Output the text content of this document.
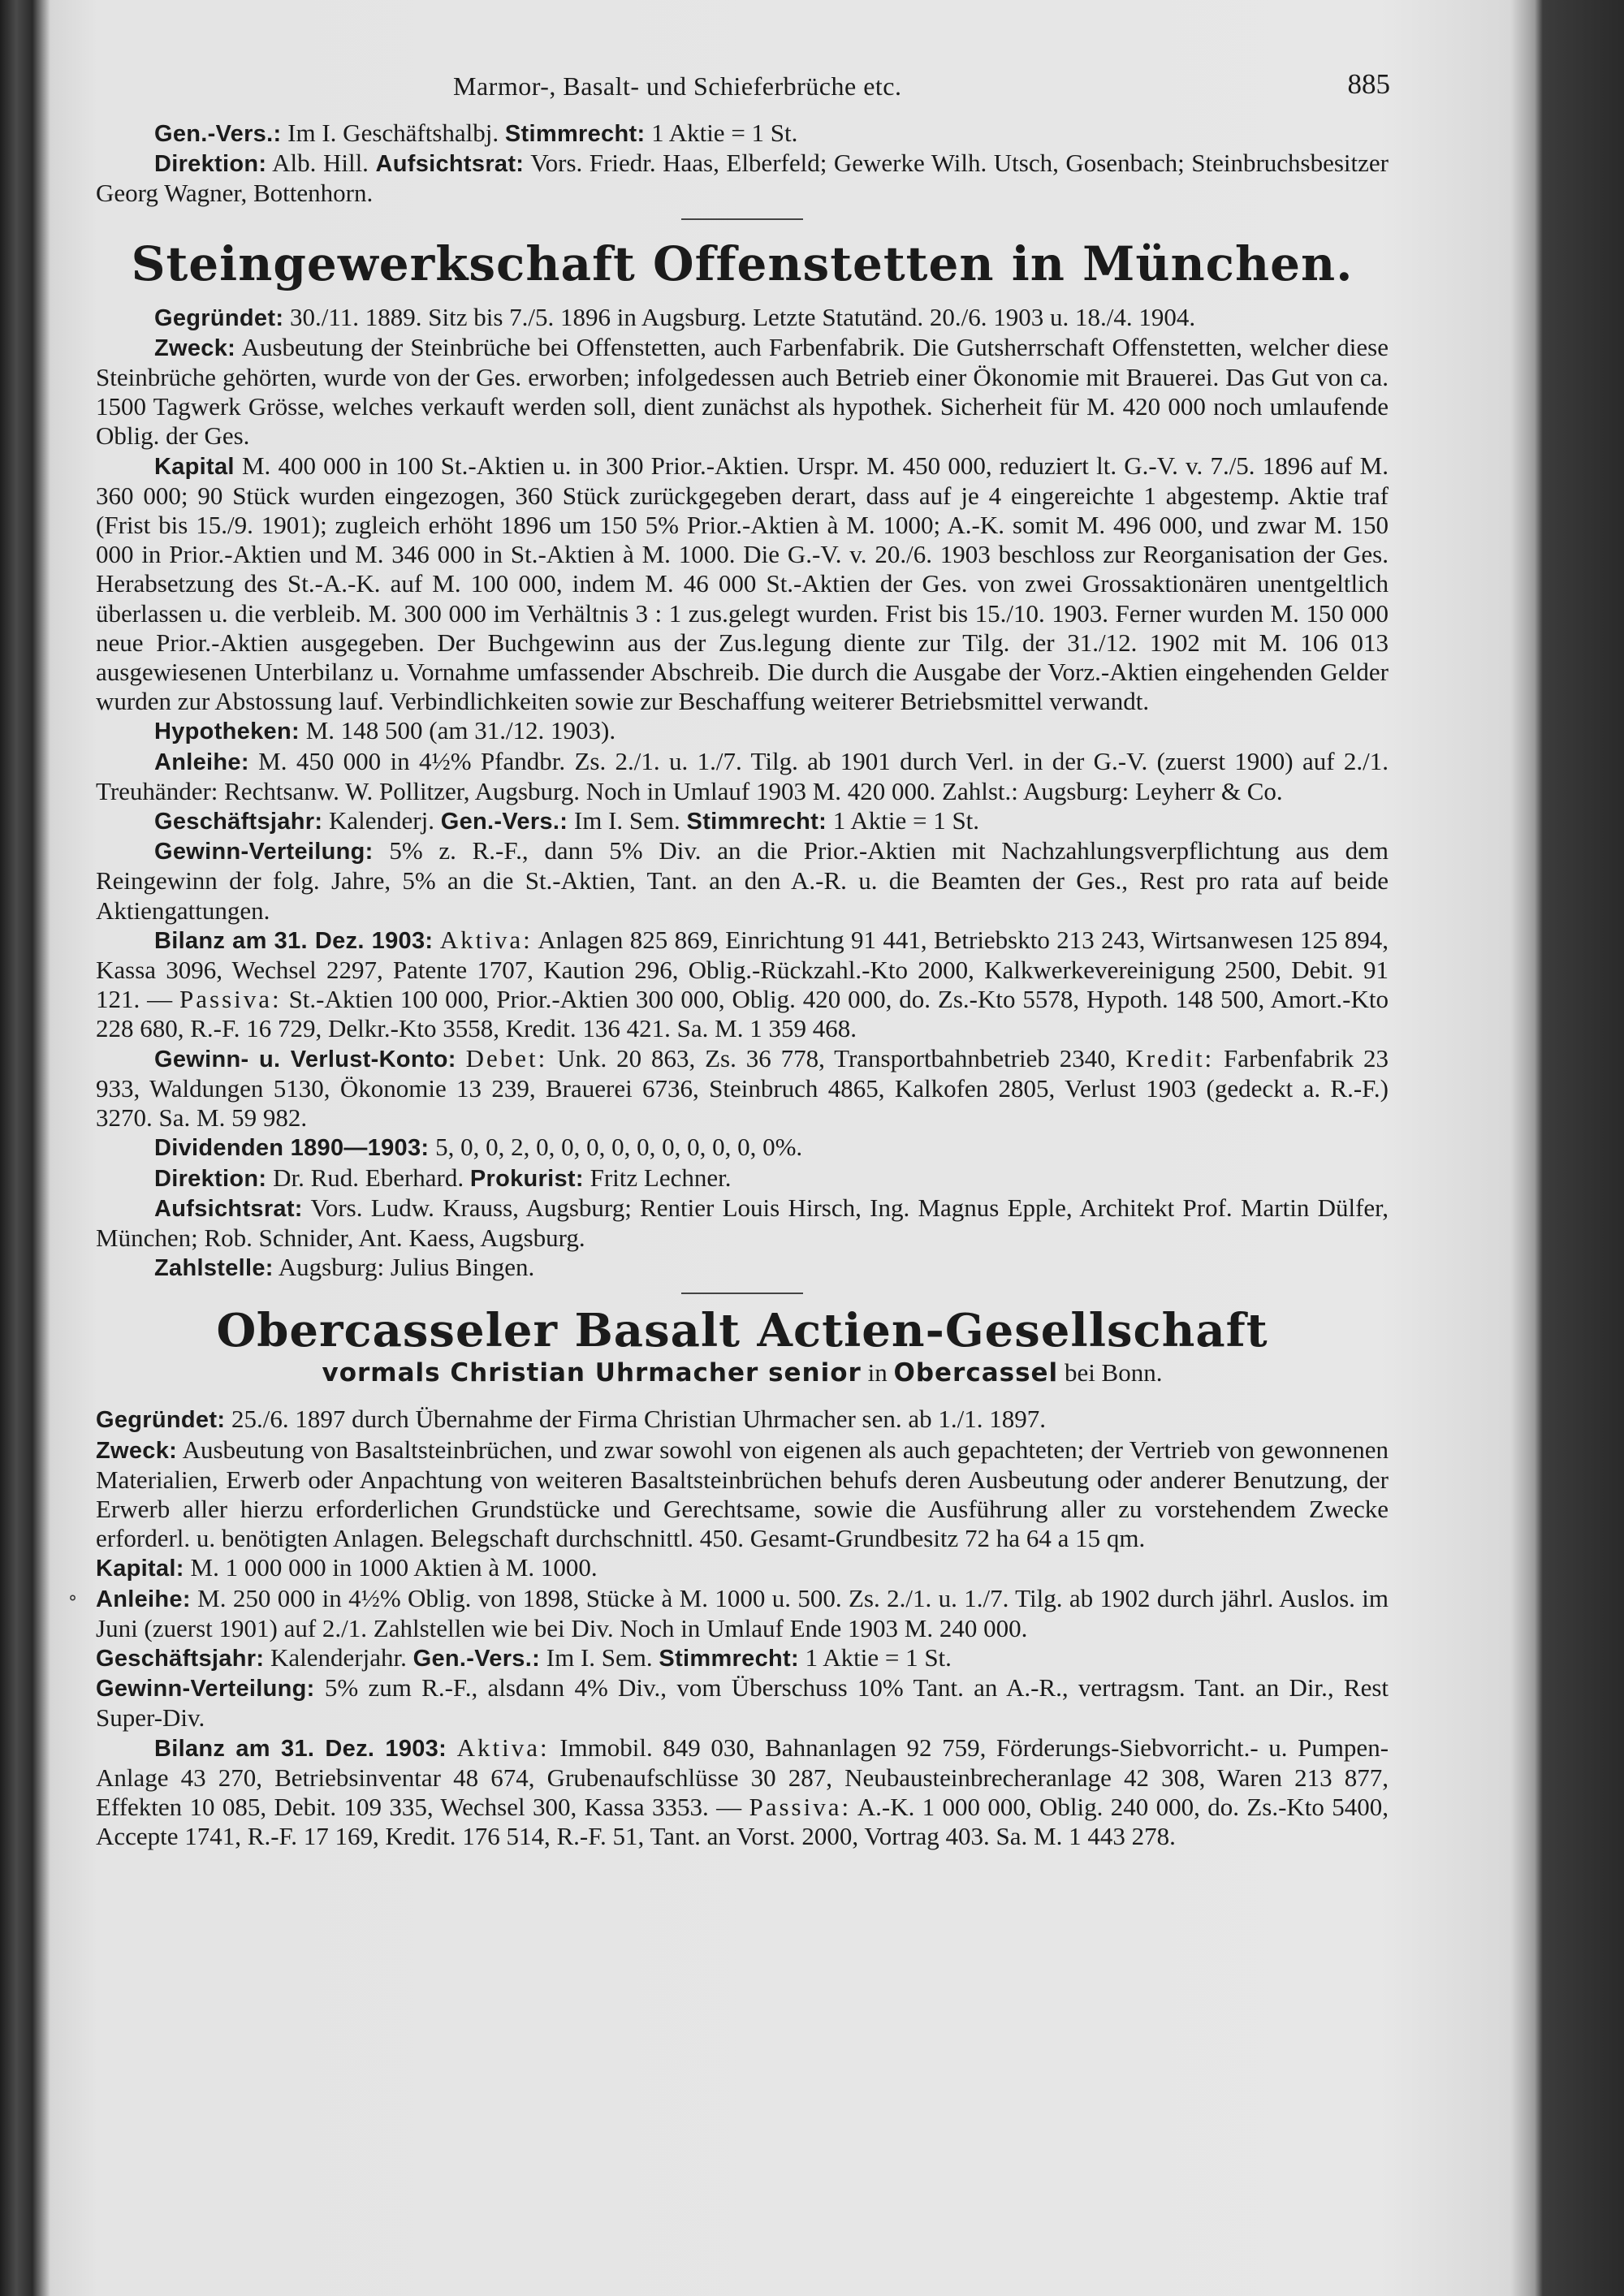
Marmor-, Basalt- und Schieferbrüche etc.	885

Gen.-Vers.: Im I. Geschäftshalbj. Stimmrecht: 1 Aktie = 1 St.

Direktion: Alb. Hill. Aufsichtsrat: Vors. Friedr. Haas, Elberfeld; Gewerke Wilh. Utsch, Gosenbach; Steinbruchsbesitzer Georg Wagner, Bottenhorn.

Steingewerkschaft Offenstetten in München.

Gegründet: 30./11. 1889. Sitz bis 7./5. 1896 in Augsburg. Letzte Statutänd. 20./6. 1903 u. 18./4. 1904.

Zweck: Ausbeutung der Steinbrüche bei Offenstetten, auch Farbenfabrik. Die Gutsherrschaft Offenstetten, welcher diese Steinbrüche gehörten, wurde von der Ges. erworben; infolgedessen auch Betrieb einer Ökonomie mit Brauerei. Das Gut von ca. 1500 Tagwerk Grösse, welches verkauft werden soll, dient zunächst als hypothek. Sicherheit für M. 420 000 noch umlaufende Oblig. der Ges.

Kapital M. 400 000 in 100 St.-Aktien u. in 300 Prior.-Aktien. Urspr. M. 450 000, reduziert lt. G.-V. v. 7./5. 1896 auf M. 360 000; 90 Stück wurden eingezogen, 360 Stück zurückgegeben derart, dass auf je 4 eingereichte 1 abgestemp. Aktie traf (Frist bis 15./9. 1901); zugleich erhöht 1896 um 150 5% Prior.-Aktien à M. 1000; A.-K. somit M. 496 000, und zwar M. 150 000 in Prior.-Aktien und M. 346 000 in St.-Aktien à M. 1000. Die G.-V. v. 20./6. 1903 beschloss zur Reorganisation der Ges. Herabsetzung des St.-A.-K. auf M. 100 000, indem M. 46 000 St.-Aktien der Ges. von zwei Grossaktionären unentgeltlich überlassen u. die verbleib. M. 300 000 im Verhältnis 3 : 1 zus.gelegt wurden. Frist bis 15./10. 1903. Ferner wurden M. 150 000 neue Prior.-Aktien ausgegeben. Der Buchgewinn aus der Zus.legung diente zur Tilg. der 31./12. 1902 mit M. 106 013 ausgewiesenen Unterbilanz u. Vornahme umfassender Abschreib. Die durch die Ausgabe der Vorz.-Aktien eingehenden Gelder wurden zur Abstossung lauf. Verbindlichkeiten sowie zur Beschaffung weiterer Betriebsmittel verwandt.

Hypotheken: M. 148 500 (am 31./12. 1903).

Anleihe: M. 450 000 in 4½% Pfandbr. Zs. 2./1. u. 1./7. Tilg. ab 1901 durch Verl. in der G.-V. (zuerst 1900) auf 2./1. Treuhänder: Rechtsanw. W. Pollitzer, Augsburg. Noch in Umlauf 1903 M. 420 000. Zahlst.: Augsburg: Leyherr & Co.

Geschäftsjahr: Kalenderj. Gen.-Vers.: Im I. Sem. Stimmrecht: 1 Aktie = 1 St.

Gewinn-Verteilung: 5% z. R.-F., dann 5% Div. an die Prior.-Aktien mit Nachzahlungsverpflichtung aus dem Reingewinn der folg. Jahre, 5% an die St.-Aktien, Tant. an den A.-R. u. die Beamten der Ges., Rest pro rata auf beide Aktiengattungen.

Bilanz am 31. Dez. 1903: Aktiva: Anlagen 825 869, Einrichtung 91 441, Betriebskto 213 243, Wirtsanwesen 125 894, Kassa 3096, Wechsel 2297, Patente 1707, Kaution 296, Oblig.-Rückzahl.-Kto 2000, Kalkwerkevereinigung 2500, Debit. 91 121. — Passiva: St.-Aktien 100 000, Prior.-Aktien 300 000, Oblig. 420 000, do. Zs.-Kto 5578, Hypoth. 148 500, Amort.-Kto 228 680, R.-F. 16 729, Delkr.-Kto 3558, Kredit. 136 421. Sa. M. 1 359 468.

Gewinn- u. Verlust-Konto: Debet: Unk. 20 863, Zs. 36 778, Transportbahnbetrieb 2340, Kredit: Farbenfabrik 23 933, Waldungen 5130, Ökonomie 13 239, Brauerei 6736, Steinbruch 4865, Kalkofen 2805, Verlust 1903 (gedeckt a. R.-F.) 3270. Sa. M. 59 982.

Dividenden 1890—1903: 5, 0, 0, 2, 0, 0, 0, 0, 0, 0, 0, 0, 0, 0%.

Direktion: Dr. Rud. Eberhard. Prokurist: Fritz Lechner.

Aufsichtsrat: Vors. Ludw. Krauss, Augsburg; Rentier Louis Hirsch, Ing. Magnus Epple, Architekt Prof. Martin Dülfer, München; Rob. Schnider, Ant. Kaess, Augsburg.

Zahlstelle: Augsburg: Julius Bingen.

Obercasseler Basalt Actien-Gesellschaft
vormals Christian Uhrmacher senior in Obercassel bei Bonn.

Gegründet: 25./6. 1897 durch Übernahme der Firma Christian Uhrmacher sen. ab 1./1. 1897.

Zweck: Ausbeutung von Basaltsteinbrüchen, und zwar sowohl von eigenen als auch gepachteten; der Vertrieb von gewonnenen Materialien, Erwerb oder Anpachtung von weiteren Basaltsteinbrüchen behufs deren Ausbeutung oder anderer Benutzung, der Erwerb aller hierzu erforderlichen Grundstücke und Gerechtsame, sowie die Ausführung aller zu vorstehendem Zwecke erforderl. u. benötigten Anlagen. Belegschaft durchschnittl. 450. Gesamt-Grundbesitz 72 ha 64 a 15 qm.

Kapital: M. 1 000 000 in 1000 Aktien à M. 1000.

Anleihe: M. 250 000 in 4½% Oblig. von 1898, Stücke à M. 1000 u. 500. Zs. 2./1. u. 1./7. Tilg. ab 1902 durch jährl. Auslos. im Juni (zuerst 1901) auf 2./1. Zahlstellen wie bei Div. Noch in Umlauf Ende 1903 M. 240 000.

Geschäftsjahr: Kalenderjahr. Gen.-Vers.: Im I. Sem. Stimmrecht: 1 Aktie = 1 St.

Gewinn-Verteilung: 5% zum R.-F., alsdann 4% Div., vom Überschuss 10% Tant. an A.-R., vertragsm. Tant. an Dir., Rest Super-Div.

Bilanz am 31. Dez. 1903: Aktiva: Immobil. 849 030, Bahnanlagen 92 759, Förderungs-Siebvorricht.- u. Pumpen-Anlage 43 270, Betriebsinventar 48 674, Grubenaufschlüsse 30 287, Neubausteinbrecheranlage 42 308, Waren 213 877, Effekten 10 085, Debit. 109 335, Wechsel 300, Kassa 3353. — Passiva: A.-K. 1 000 000, Oblig. 240 000, do. Zs.-Kto 5400, Accepte 1741, R.-F. 17 169, Kredit. 176 514, R.-F. 51, Tant. an Vorst. 2000, Vortrag 403. Sa. M. 1 443 278.

°
